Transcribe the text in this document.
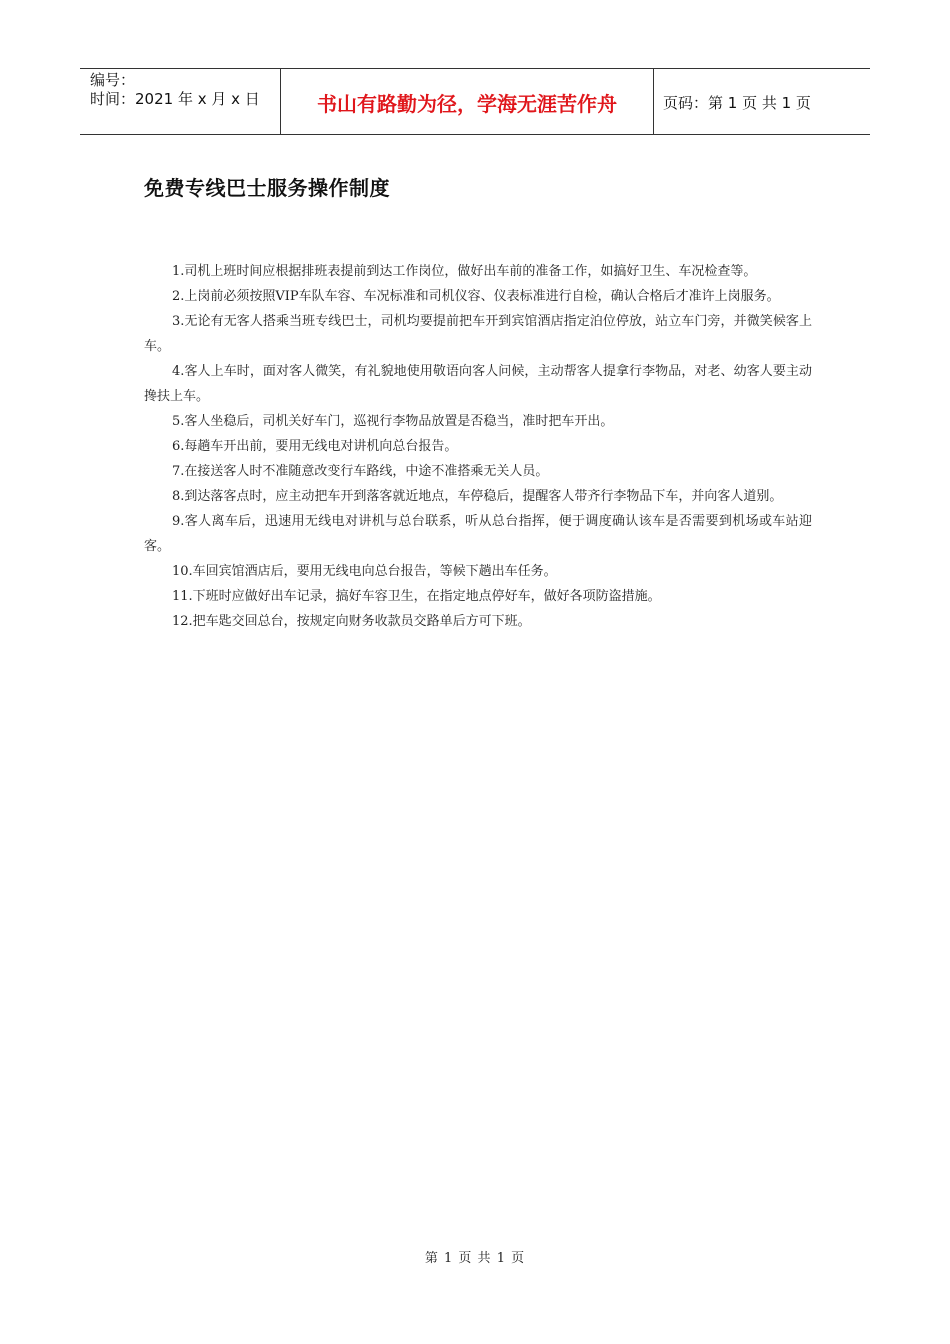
编号：
时间：2021 年 x 月 x 日	书山有路勤为径，学海无涯苦作舟	页码：第 1 页 共 1 页
免费专线巴士服务操作制度

1.司机上班时间应根据排班表提前到达工作岗位，做好出车前的准备工作，如搞好卫生、车况检查等。

2.上岗前必须按照VIP车队车容、车况标准和司机仪容、仪表标准进行自检，确认合格后才准许上岗服务。

3.无论有无客人搭乘当班专线巴士，司机均要提前把车开到宾馆酒店指定泊位停放，站立车门旁，并微笑候客上车。

4.客人上车时，面对客人微笑，有礼貌地使用敬语向客人问候，主动帮客人提拿行李物品，对老、幼客人要主动搀扶上车。

5.客人坐稳后，司机关好车门，巡视行李物品放置是否稳当，准时把车开出。

6.每趟车开出前，要用无线电对讲机向总台报告。

7.在接送客人时不准随意改变行车路线，中途不准搭乘无关人员。

8.到达落客点时，应主动把车开到落客就近地点，车停稳后，提醒客人带齐行李物品下车，并向客人道别。

9.客人离车后，迅速用无线电对讲机与总台联系，听从总台指挥，便于调度确认该车是否需要到机场或车站迎客。

10.车回宾馆酒店后，要用无线电向总台报告，等候下趟出车任务。

11.下班时应做好出车记录，搞好车容卫生，在指定地点停好车，做好各项防盗措施。

12.把车匙交回总台，按规定向财务收款员交路单后方可下班。

第 1 页 共 1 页
